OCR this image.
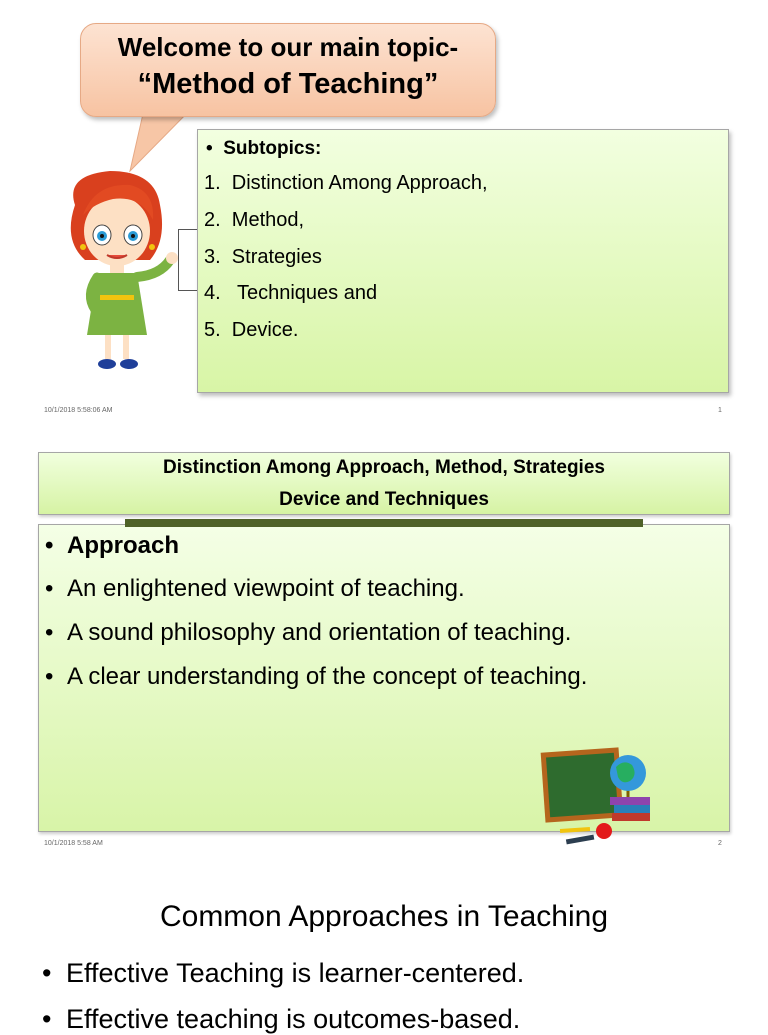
Welcome to our main topic-
“Method of Teaching”
• Subtopics:
1.  Distinction Among Approach,
2.  Method,
3.  Strategies
4.   Techniques and
5.  Device.
10/1/2018 5:58:06 AM	1
Distinction Among Approach, Method, Strategies
Device and Techniques
• Approach
• An enlightened viewpoint of teaching.
• A sound philosophy and orientation of teaching.
• A clear understanding of the concept of teaching.
10/1/2018 5:58 AM	2
Common Approaches in Teaching
• Effective Teaching is learner-centered.
• Effective teaching is outcomes-based.
